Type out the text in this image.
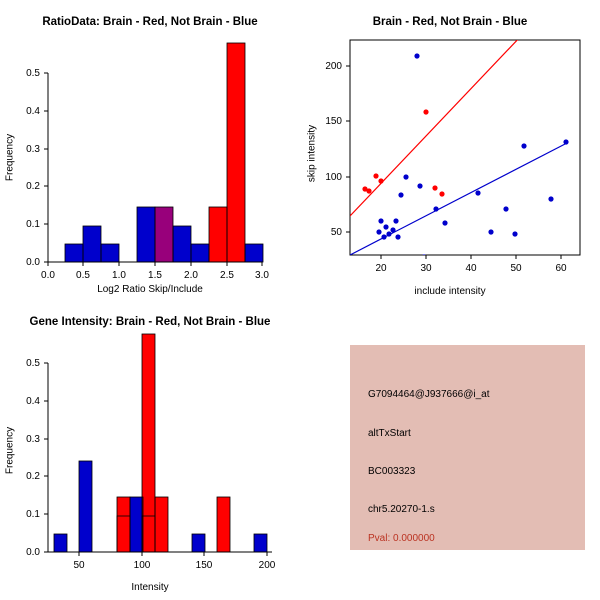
RatioData: Brain - Red, Not Brain - Blue
0.0
0.1
0.2
0.3
0.4
0.5
0.0 0.5 1.0 1.5 2.0 2.5 3.0
Log2 Ratio Skip/Include
Frequency
Brain - Red, Not Brain - Blue
50
100
150
200
20	30	40	50	60
include intensity
skip intensity
Gene Intensity: Brain - Red, Not Brain - Blue
0.0
0.1
0.2
0.3
0.4
0.5
50	100	150	200
Intensity
Frequency
G7094464@J937666@i_at
altTxStart
BC003323
chr5.20270-1.s
Pval: 0.000000
